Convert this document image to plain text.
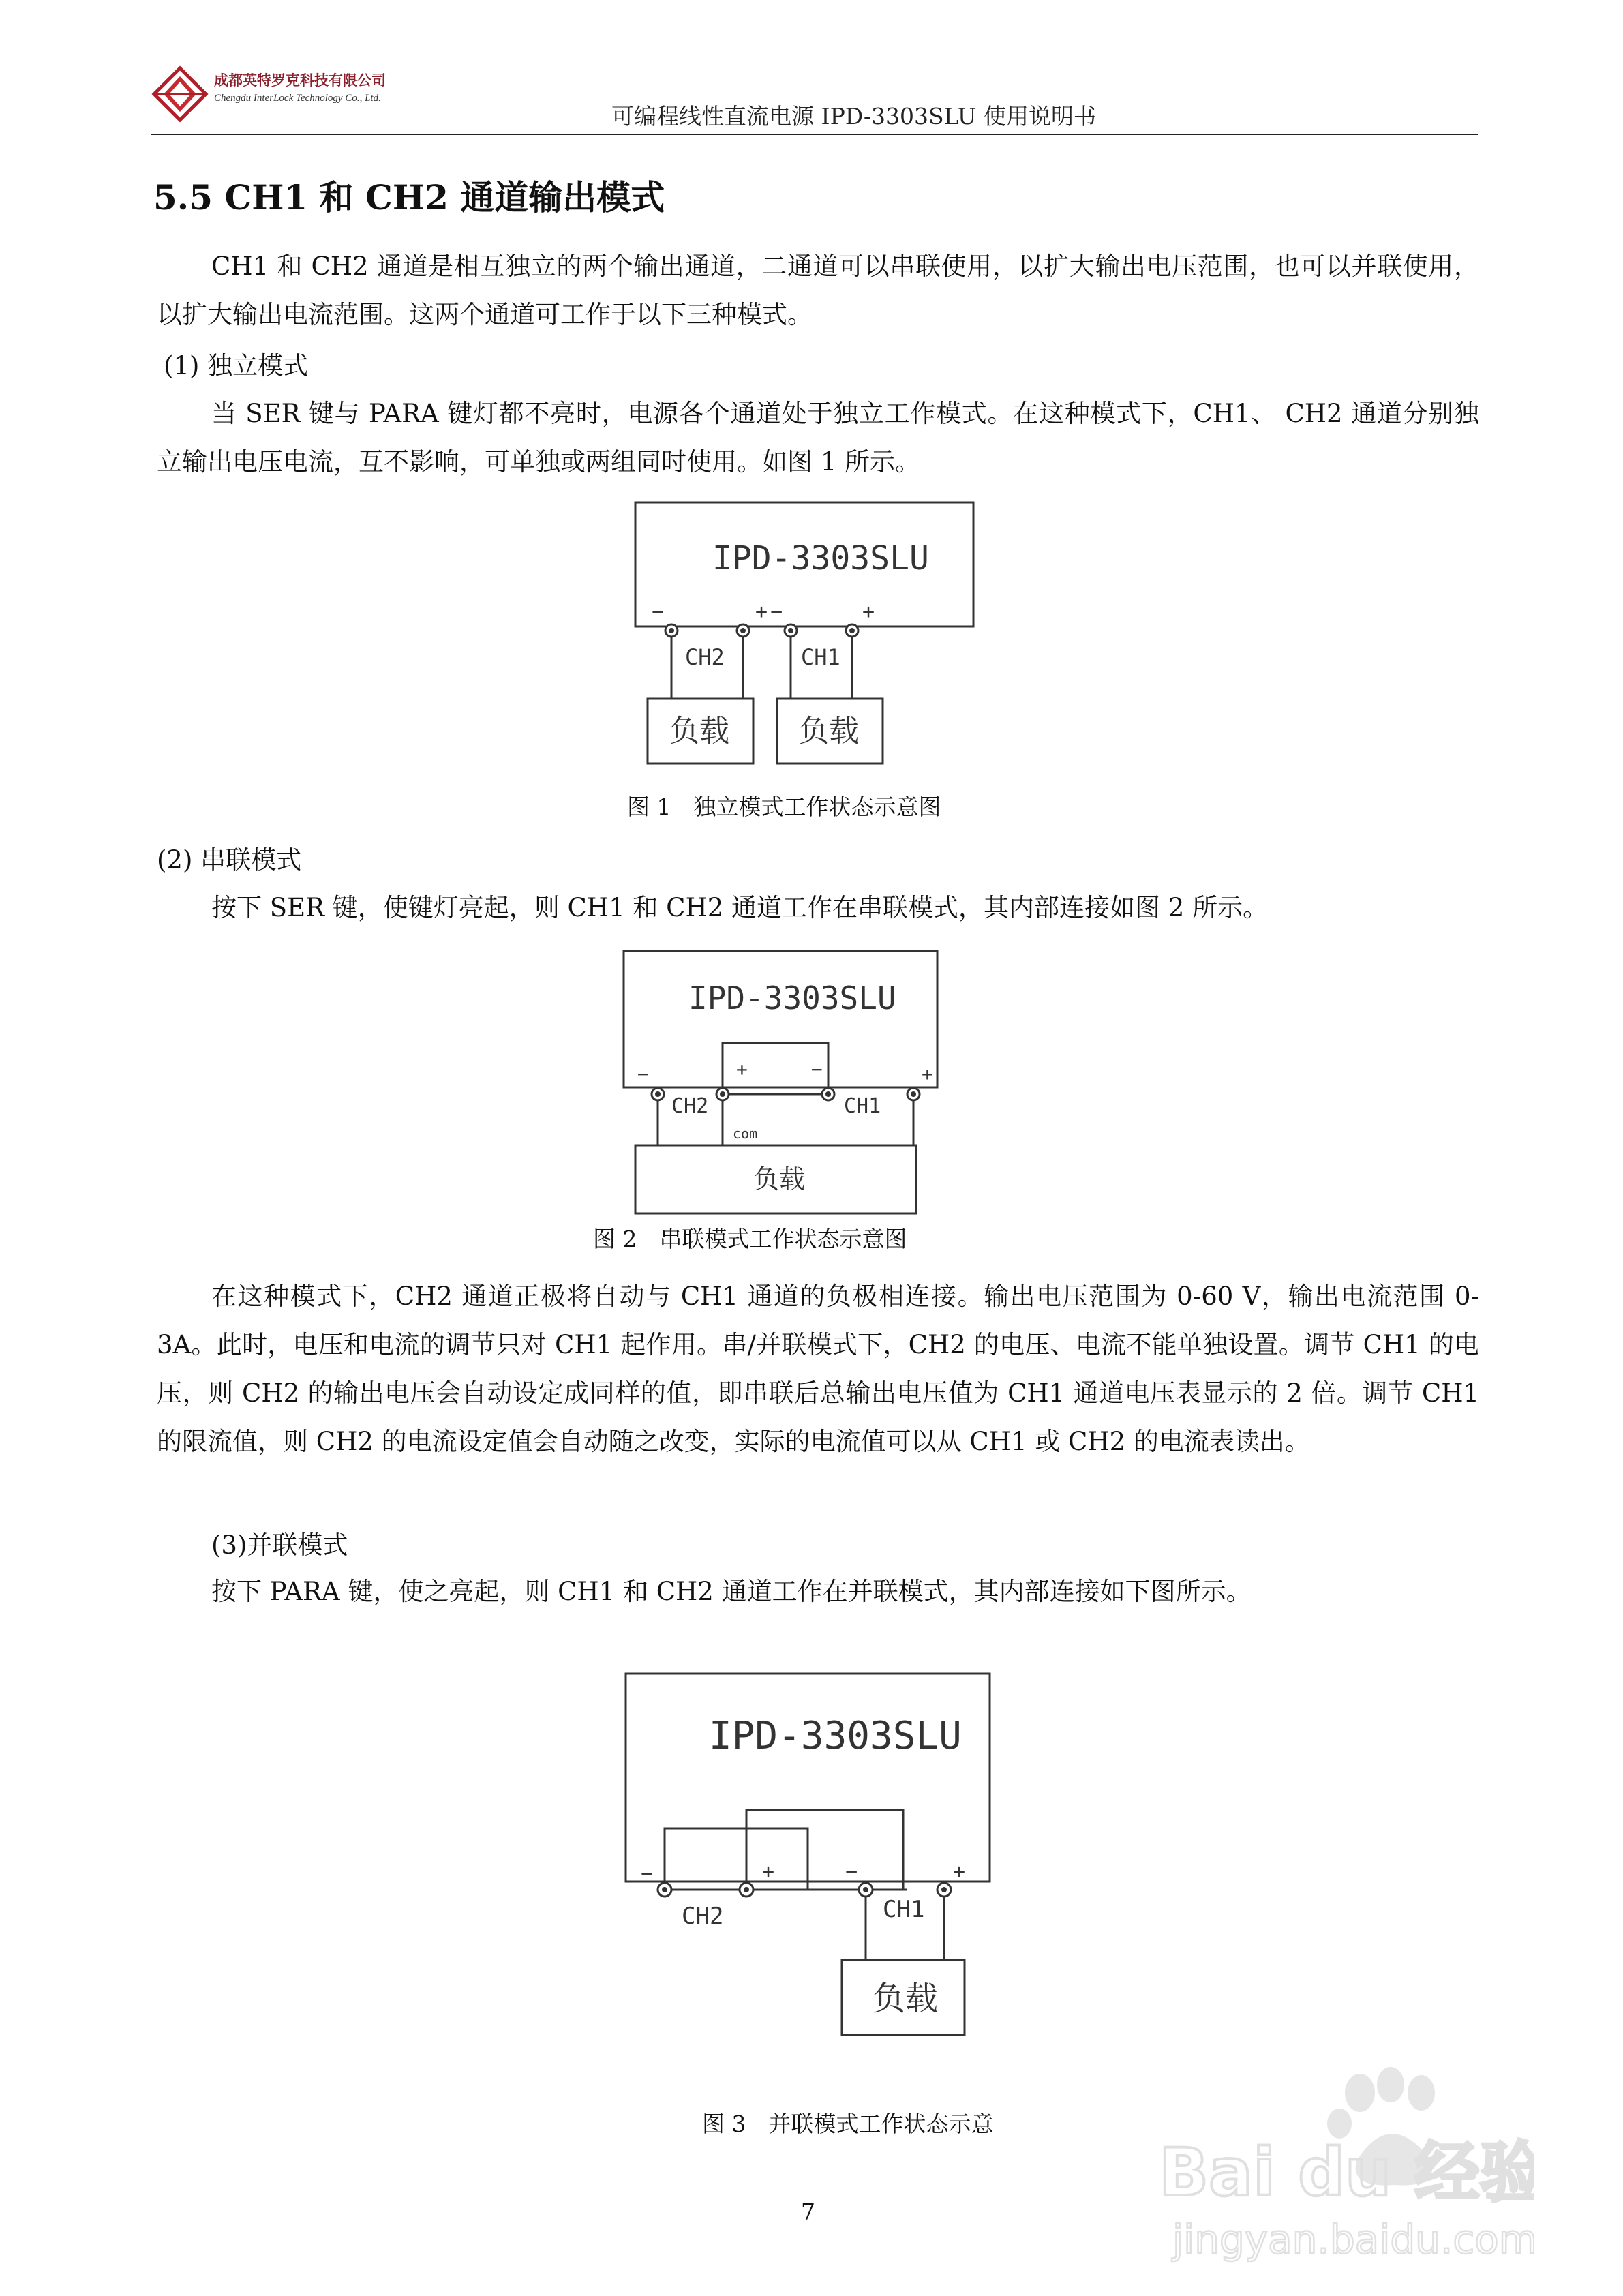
成都英特罗克科技有限公司
Chengdu InterLock Technology Co., Ltd.
可编程线性直流电源 IPD-3303SLU 使用说明书
5.5 CH1 和 CH2 通道输出模式

CH1 和 CH2 通道是相互独立的两个输出通道，二通道可以串联使用，以扩大输出电压范围，也可以并联使用，以扩大输出电流范围。这两个通道可工作于以下三种模式。

(1) 独立模式

当 SER 键与 PARA 键灯都不亮时，电源各个通道处于独立工作模式。在这种模式下，CH1、 CH2 通道分别独立输出电压电流，互不影响，可单独或两组同时使用。如图 1 所示。

IPD-3303SLU
−	+ −	+
CH2	CH1
负载 负载

图 1　独立模式工作状态示意图

(2) 串联模式

按下 SER 键，使键灯亮起，则 CH1 和 CH2 通道工作在串联模式，其内部连接如图 2 所示。

IPD-3303SLU
−	+	−	+
CH2	CH1
com
负载

图 2　串联模式工作状态示意图

在这种模式下，CH2 通道正极将自动与 CH1 通道的负极相连接。输出电压范围为 0-60 V，输出电流范围 0-3A。此时，电压和电流的调节只对 CH1 起作用。串/并联模式下，CH2 的电压、电流不能单独设置。调节 CH1 的电压，则 CH2 的输出电压会自动设定成同样的值，即串联后总输出电压值为 CH1 通道电压表显示的 2 倍。调节 CH1 的限流值，则 CH2 的电流设定值会自动随之改变，实际的电流值可以从 CH1 或 CH2 的电流表读出。

(3)并联模式

按下 PARA 键，使之亮起，则 CH1 和 CH2 通道工作在并联模式，其内部连接如下图所示。

IPD-3303SLU
−	+	−	+
CH2	CH1
负载

图 3　并联模式工作状态示意

7
Bai du 经验
jingyan.baidu.com
